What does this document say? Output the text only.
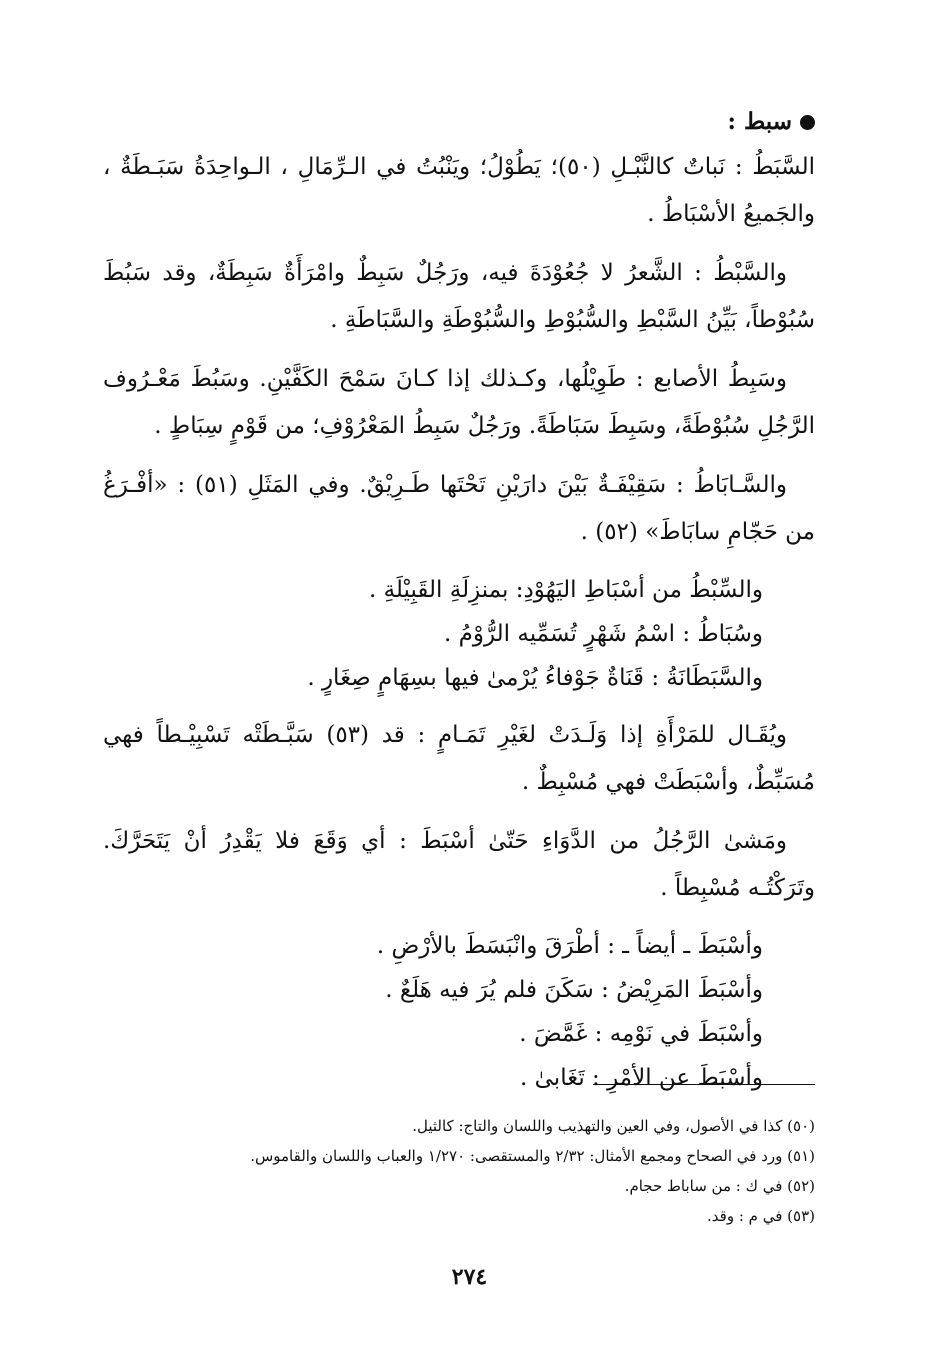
سبط :

السَّبَطُ : نَباتٌ كالنَّبْـلِ (٥٠)؛ يَطُوْلُ؛ ويَنْبُتُ في الـرِّمَالِ ، الـواحِدَةُ سَبَـطَةٌ ، والجَميعُ الأسْبَاطُ .

والسَّبْطُ : الشَّعرُ لا جُعُوْدَةَ فيه، ورَجُلٌ سَبِطٌ وامْرَأَةٌ سَبِطَةٌ، وقد سَبُطَ سُبُوْطاً، بَيِّنُ السَّبْطِ والسُّبُوْطِ والسُّبُوْطَةِ والسَّبَاطَةِ .

وسَبِطُ الأصابع : طَوِيْلُها، وكـذلك إذا كـانَ سَمْحَ الكَفَّيْنِ. وسَبُطَ مَعْـرُوف الرَّجُلِ سُبُوْطَةً، وسَبِطَ سَبَاطَةً. ورَجُلٌ سَبِطُ المَعْرُوْفِ؛ من قَوْمٍ سِبَاطٍ .

والسَّـابَاطُ : سَقِيْفَـةٌ بَيْنَ دارَيْنِ تَحْتَها طَـرِيْقٌ. وفي المَثَلِ (٥١) : «أفْـرَغُ من حَجّامِ سابَاطَ» (٥٢) .

والسِّبْطُ من أسْبَاطِ اليَهُوْدِ: بمنزِلَةِ القَبِيْلَةِ .

وسُبَاطُ : اسْمُ شَهْرٍ تُسَمِّيه الرُّوْمُ .

والسَّبَطَانَةُ : قَنَاةٌ جَوْفاءُ يُرْمىٰ فيها بسِهَامٍ صِغَارٍ .

ويُقَـال للمَرْأَةِ إذا وَلَـدَتْ لغَيْرِ تَمَـامٍ : قد (٥٣) سَبَّـطَتْه تَسْبِيْـطاً فهي مُسَبِّطٌ، وأسْبَطَتْ فهي مُسْبِطٌ .

ومَشىٰ الرَّجُلُ من الدَّوَاءِ حَتّىٰ أسْبَطَ : أي وَقَعَ فلا يَقْدِرُ أنْ يَتَحَرَّكَ. وتَرَكْتُـه مُسْبِطاً .

وأسْبَطَ ـ أيضاً ـ : أطْرَقَ وانْبَسَطَ بالأرْضِ .

وأسْبَطَ المَرِيْضُ : سَكَنَ فلم يُرَ فيه هَلَعٌ .

وأسْبَطَ في نَوْمِه : غَمَّضَ .

وأسْبَطَ عن الأمْرِ : تَغَابىٰ .

(٥٠) كذا في الأصول، وفي العين والتهذيب واللسان والتاج: كالثيل.

(٥١) ورد في الصحاح ومجمع الأمثال: ٢/٣٢ والمستقصى: ١/٢٧٠ والعباب واللسان والقاموس.

(٥٢) في ك : من ساباط حجام.

(٥٣) في م : وقد.

٢٧٤
